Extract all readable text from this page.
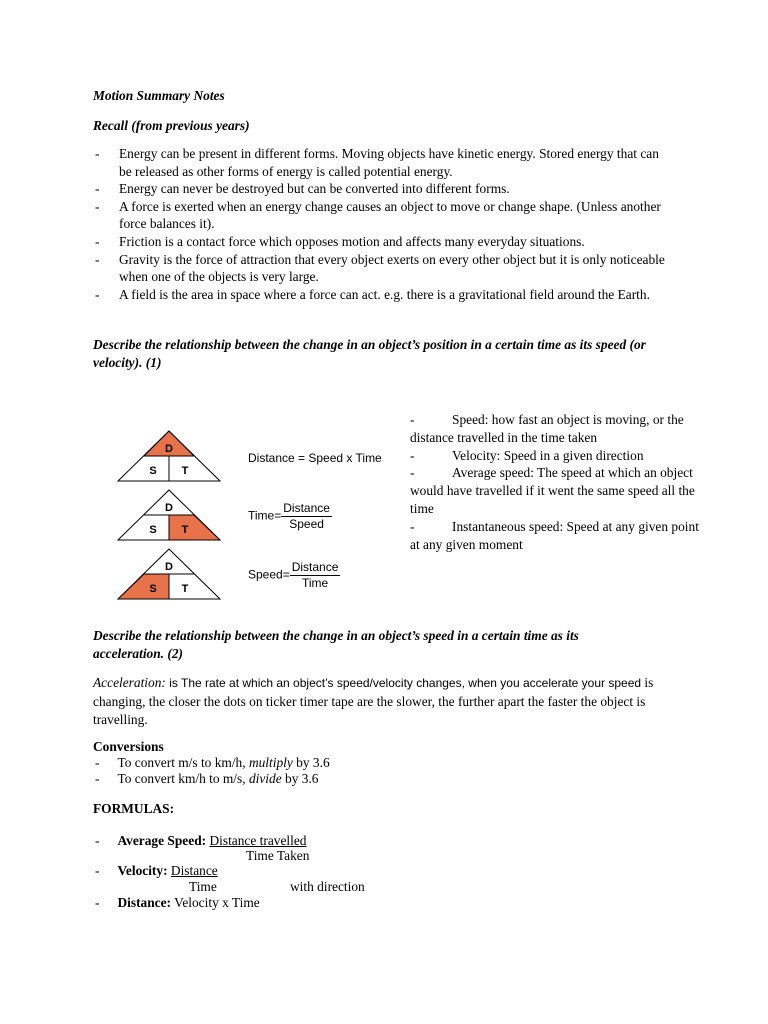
Motion Summary Notes
Recall (from previous years)
- Energy can be present in different forms. Moving objects have kinetic energy. Stored energy that can be released as other forms of energy is called potential energy.
- Energy can never be destroyed but can be converted into different forms.
- A force is exerted when an energy change causes an object to move or change shape. (Unless another force balances it).
- Friction is a contact force which opposes motion and affects many everyday situations.
- Gravity is the force of attraction that every object exerts on every other object but it is only noticeable when one of the objects is very large.
- A field is the area in space where a force can act. e.g. there is a gravitational field around the Earth.
Describe the relationship between the change in an object’s position in a certain time as its speed (or velocity). (1)
D
S T
D
S T
D
S T
Distance = Speed x Time
Time= $\frac{\text{Distance}}{\text{Speed}}$
Speed= $\frac{\text{Distance}}{\text{Time}}$
-	Speed: how fast an object is moving, or the distance travelled in the time taken
-	Velocity: Speed in a given direction
-	Average speed: The speed at which an object would have travelled if it went the same speed all the time
-	Instantaneous speed: Speed at any given point at any given moment
Describe the relationship between the change in an object’s speed in a certain time as its acceleration. (2)
Acceleration: is The rate at which an object’s speed/velocity changes, when you accelerate your speed is changing, the closer the dots on ticker timer tape are the slower, the further apart the faster the object is travelling.
Conversions
- To convert m/s to km/h, multiply by 3.6
- To convert km/h to m/s, divide by 3.6
FORMULAS:
- Average Speed: Distance travelled
Time Taken
- Velocity: Distance
Time	with direction
- Distance: Velocity x Time
